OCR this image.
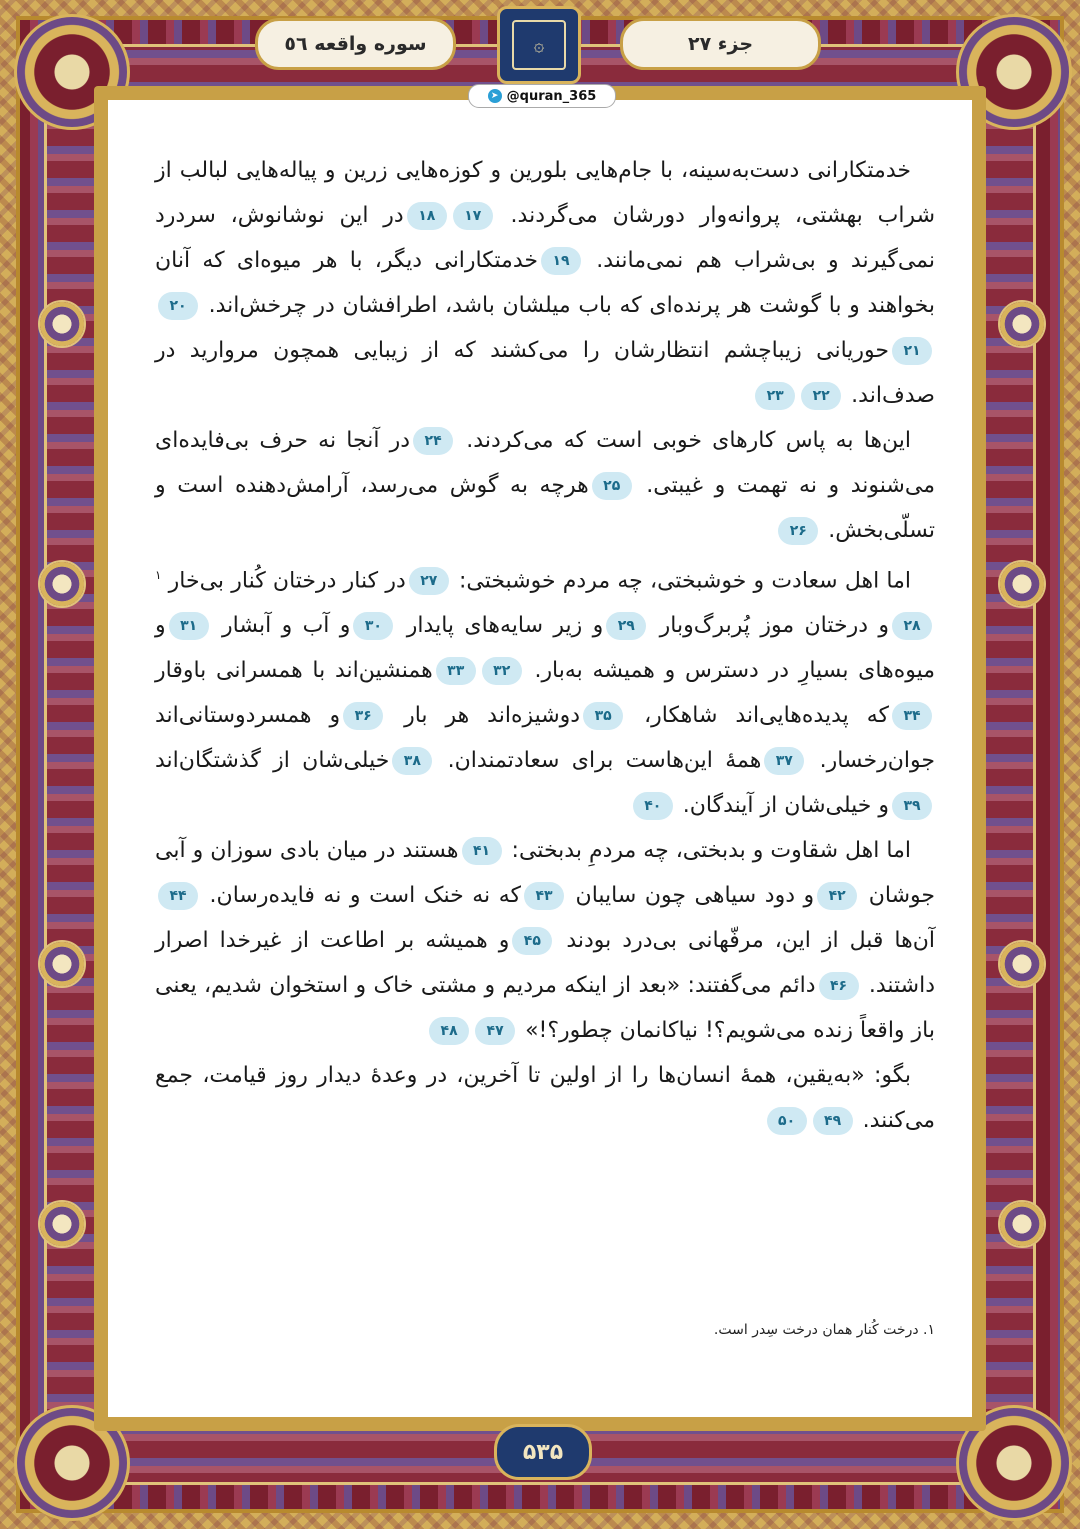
سوره واقعه ٥٦	جزء ۲۷
۞
➤ @quran_365

خدمتکارانی دست‌به‌سینه، با جام‌هایی بلورین و کوزه‌هایی زرین و پیاله‌هایی لبالب از شراب بهشتی، پروانه‌وار دورشان می‌گردند. ۱۷۱۸در این نوشانوش، سردرد نمی‌گیرند و بی‌شراب هم نمی‌مانند. ۱۹خدمتکارانی دیگر، با هر میوه‌ای که آنان بخواهند و با گوشت هر پرنده‌ای که باب میلشان باشد، اطرافشان در چرخش‌اند. ۲۰۲۱حوریانی زیباچشم انتظارشان را می‌کشند که از زیبایی همچون مروارید در صدف‌اند. ۲۲۲۳

این‌ها به پاس کارهای خوبی است که می‌کردند. ۲۴در آنجا نه حرف بی‌فایده‌ای می‌شنوند و نه تهمت و غیبتی. ۲۵هرچه به گوش می‌رسد، آرامش‌دهنده است و تسلّی‌بخش. ۲۶

اما اهل سعادت و خوشبختی، چه مردم خوشبختی: ۲۷در کنار درختان کُنار بی‌خار $^۱$۲۸و درختان موز پُربرگ‌وبار ۲۹و زیر سایه‌های پایدار ۳۰و آب و آبشار ۳۱و میوه‌های بسیارِ در دسترس و همیشه به‌بار. ۳۲۳۳همنشین‌اند با همسرانی باوقار ۳۴که پدیده‌هایی‌اند شاهکار، ۳۵دوشیزه‌اند هر بار ۳۶و همسردوستانی‌اند جوان‌رخسار. ۳۷همهٔ این‌هاست برای سعادتمندان. ۳۸خیلی‌شان از گذشتگان‌اند ۳۹و خیلی‌شان از آیندگان. ۴۰

اما اهل شقاوت و بدبختی، چه مردمِ بدبختی: ۴۱هستند در میان بادی سوزان و آبی جوشان ۴۲و دود سیاهی چون سایبان ۴۳که نه خنک است و نه فایده‌رسان. ۴۴آن‌ها قبل از این، مرفّهانی بی‌درد بودند ۴۵و همیشه بر اطاعت از غیرخدا اصرار داشتند. ۴۶دائم می‌گفتند: «بعد از اینکه مردیم و مشتی خاک و استخوان شدیم، یعنی باز واقعاً زنده می‌شویم؟! نیاکانمان چطور؟!» ۴۷۴۸

بگو: «به‌یقین، همهٔ انسان‌ها را از اولین تا آخرین، در وعدهٔ دیدار روز قیامت، جمع می‌کنند. ۴۹۵۰

۱. درخت کُنار همان درخت سِدر است.
۵۳۵
